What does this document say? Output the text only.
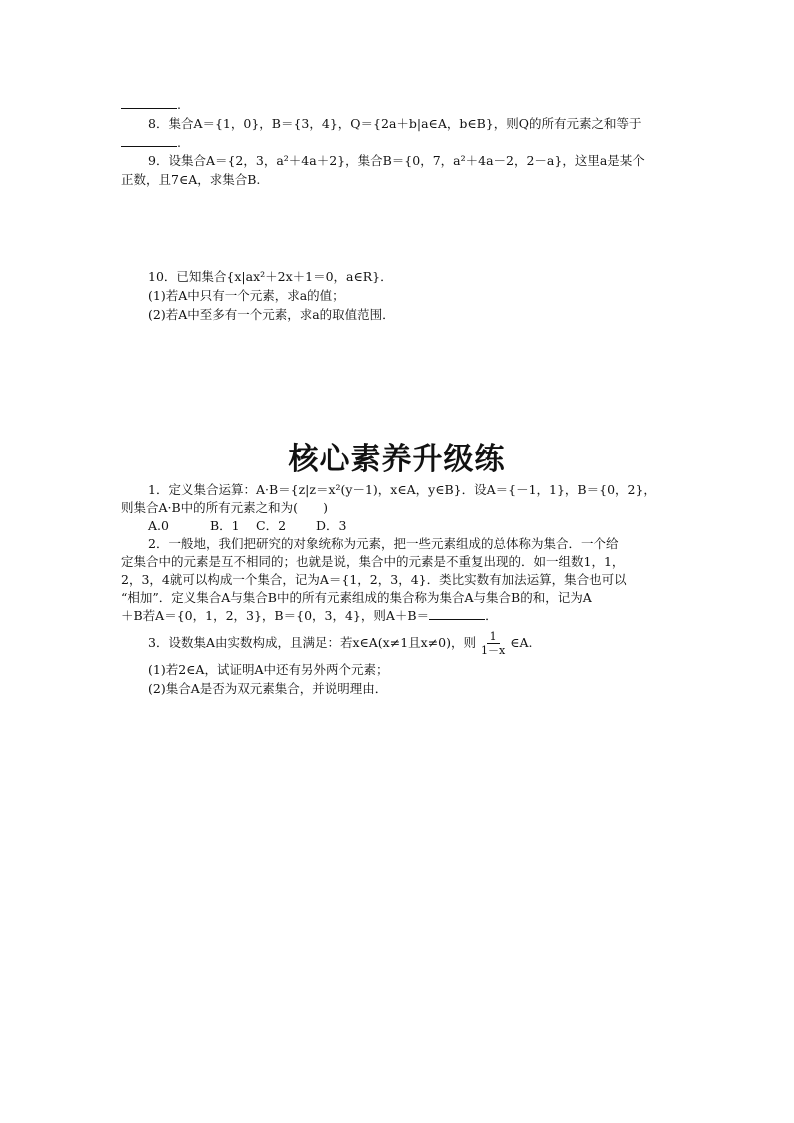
.
8．集合A＝{1，0}，B＝{3，4}，Q＝{2a＋b|a∈A，b∈B}，则Q的所有元素之和等于
.
9．设集合A＝{2，3，a²＋4a＋2}，集合B＝{0，7，a²＋4a－2，2－a}，这里a是某个
正数，且7∈A，求集合B.
10．已知集合{x|ax²＋2x＋1＝0，a∈R}．
(1)若A中只有一个元素，求a的值；
(2)若A中至多有一个元素，求a的取值范围．
核心素养升级练
1．定义集合运算：A·B＝{z|z＝x²(y－1)，x∈A，y∈B}．设A＝{－1，1}，B＝{0，2}，
则集合A·B中的所有元素之和为(　　)
A.0	B．1 C．2 D．3
2．一般地，我们把研究的对象统称为元素，把一些元素组成的总体称为集合．一个给
定集合中的元素是互不相同的；也就是说，集合中的元素是不重复出现的．如一组数1，1，
2，3，4就可以构成一个集合，记为A＝{1，2，3，4}．类比实数有加法运算，集合也可以
“相加”．定义集合A与集合B中的所有元素组成的集合称为集合A与集合B的和，记为A
＋B若A＝{0，1，2，3}，B＝{0，3，4}，则A＋B＝	．
3．设数集A由实数构成，且满足：若x∈A(x≠1且x≠0)，则 $\frac{1}{1-x}$ ∈A.
(1)若2∈A，试证明A中还有另外两个元素；
(2)集合A是否为双元素集合，并说明理由．
